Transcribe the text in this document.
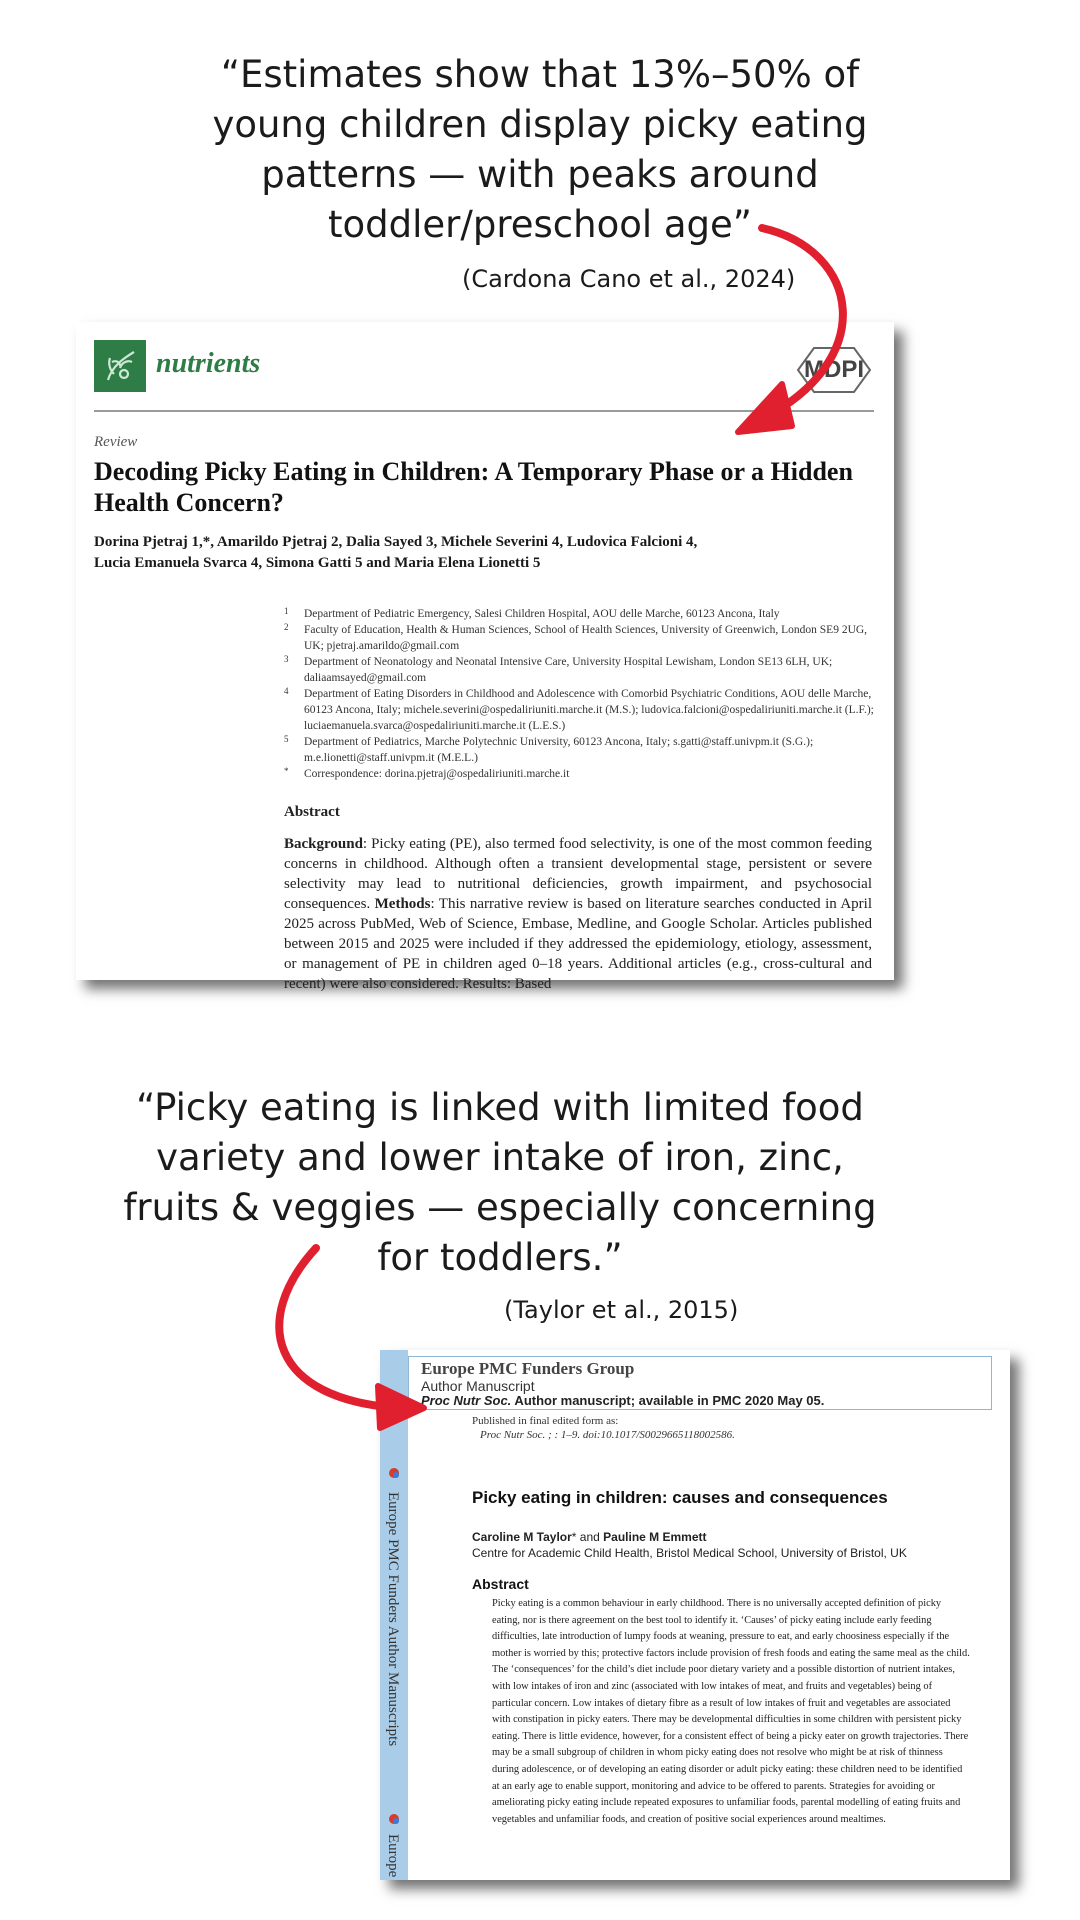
“Estimates show that 13%–50% of
young children display picky eating
patterns — with peaks around
toddler/preschool age”
(Cardona Cano et al., 2024)
nutrients	MDPI
Review
Decoding Picky Eating in Children: A Temporary Phase or a Hidden Health Concern?
Dorina Pjetraj 1,*, Amarildo Pjetraj 2, Dalia Sayed 3, Michele Severini 4, Ludovica Falcioni 4,
Lucia Emanuela Svarca 4, Simona Gatti 5 and Maria Elena Lionetti 5
1 Department of Pediatric Emergency, Salesi Children Hospital, AOU delle Marche, 60123 Ancona, Italy
2 Faculty of Education, Health & Human Sciences, School of Health Sciences, University of Greenwich, London SE9 2UG, UK; pjetraj.amarildo@gmail.com
3 Department of Neonatology and Neonatal Intensive Care, University Hospital Lewisham, London SE13 6LH, UK; daliaamsayed@gmail.com
4 Department of Eating Disorders in Childhood and Adolescence with Comorbid Psychiatric Conditions, AOU delle Marche, 60123 Ancona, Italy; michele.severini@ospedaliriuniti.marche.it (M.S.); ludovica.falcioni@ospedaliriuniti.marche.it (L.F.); luciaemanuela.svarca@ospedaliriuniti.marche.it (L.E.S.)
5 Department of Pediatrics, Marche Polytechnic University, 60123 Ancona, Italy; s.gatti@staff.univpm.it (S.G.); m.e.lionetti@staff.univpm.it (M.E.L.)
* Correspondence: dorina.pjetraj@ospedaliriuniti.marche.it
Abstract

Background: Picky eating (PE), also termed food selectivity, is one of the most common feeding concerns in childhood. Although often a transient developmental stage, persistent or severe selectivity may lead to nutritional deficiencies, growth impairment, and psychosocial consequences. Methods: This narrative review is based on literature searches conducted in April 2025 across PubMed, Web of Science, Embase, Medline, and Google Scholar. Articles published between 2015 and 2025 were included if they addressed the epidemiology, etiology, assessment, or management of PE in children aged 0–18 years. Additional articles (e.g., cross-cultural and recent) were also considered. Results: Based

“Picky eating is linked with limited food
variety and lower intake of iron, zinc,
fruits & veggies — especially concerning
for toddlers.”
(Taylor et al., 2015)
Europe PMC Funders Author Manuscripts
Europe
Europe PMC Funders Group
Author Manuscript
Proc Nutr Soc. Author manuscript; available in PMC 2020 May 05.
Published in final edited form as:
Proc Nutr Soc. ; : 1–9. doi:10.1017/S0029665118002586.
Picky eating in children: causes and consequences
Caroline M Taylor* and Pauline M Emmett
Centre for Academic Child Health, Bristol Medical School, University of Bristol, UK
Abstract

Picky eating is a common behaviour in early childhood. There is no universally accepted definition of picky eating, nor is there agreement on the best tool to identify it. ‘Causes’ of picky eating include early feeding difficulties, late introduction of lumpy foods at weaning, pressure to eat, and early choosiness especially if the mother is worried by this; protective factors include provision of fresh foods and eating the same meal as the child. The ‘consequences’ for the child’s diet include poor dietary variety and a possible distortion of nutrient intakes, with low intakes of iron and zinc (associated with low intakes of meat, and fruits and vegetables) being of particular concern. Low intakes of dietary fibre as a result of low intakes of fruit and vegetables are associated with constipation in picky eaters. There may be developmental difficulties in some children with persistent picky eating. There is little evidence, however, for a consistent effect of being a picky eater on growth trajectories. There may be a small subgroup of children in whom picky eating does not resolve who might be at risk of thinness during adolescence, or of developing an eating disorder or adult picky eating: these children need to be identified at an early age to enable support, monitoring and advice to be offered to parents. Strategies for avoiding or ameliorating picky eating include repeated exposures to unfamiliar foods, parental modelling of eating fruits and vegetables and unfamiliar foods, and creation of positive social experiences around mealtimes.
